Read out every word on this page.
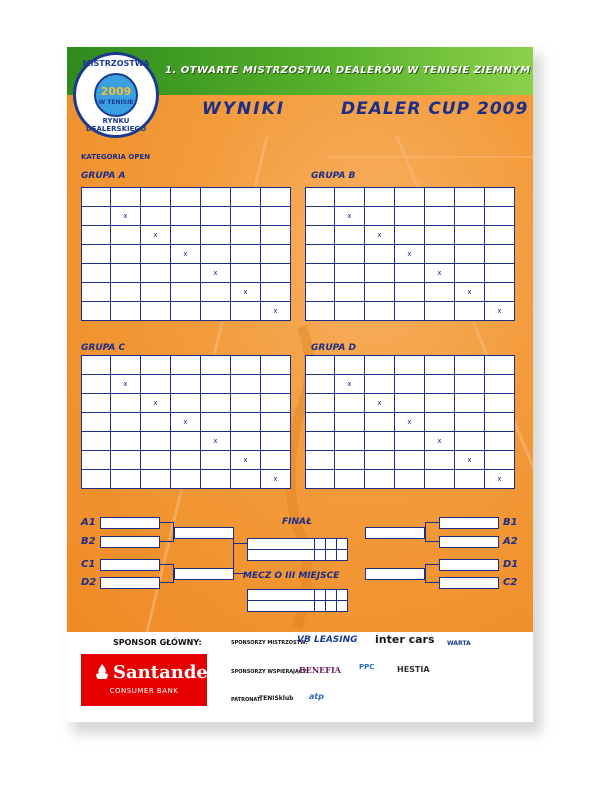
1. OTWARTE MISTRZOSTWA DEALERÓW W TENISIE ZIEMNYM
MISTRZOSTWA
2009
W TENISIE
RYNKU DEALERSKIEGO
WYNIKI	DEALER CUP 2009
KATEGORIA OPEN
GRUPA A	GRUPA B
GRUPA C	GRUPA D

	x					
		x				
			x			
				x		
					x	
						x

	x					
		x				
			x			
				x		
					x	
						x

	x					
		x				
			x			
				x		
					x	
						x

	x					
		x				
			x			
				x		
					x	
						x
A1
B2
C1
D2
B1
A2
D1
C2
FINAŁ

MECZ O III MIEJSCE

SPONSOR GŁÓWNY:
Santander
CONSUMER BANK
SPONSORZY MISTRZOSTW:
VB LEASING inter cars WARTA
SPONSORZY WSPIERAJĄCY:
BENEFIA	PPC	HESTIA
PATRONAT:
TENISklub atp
